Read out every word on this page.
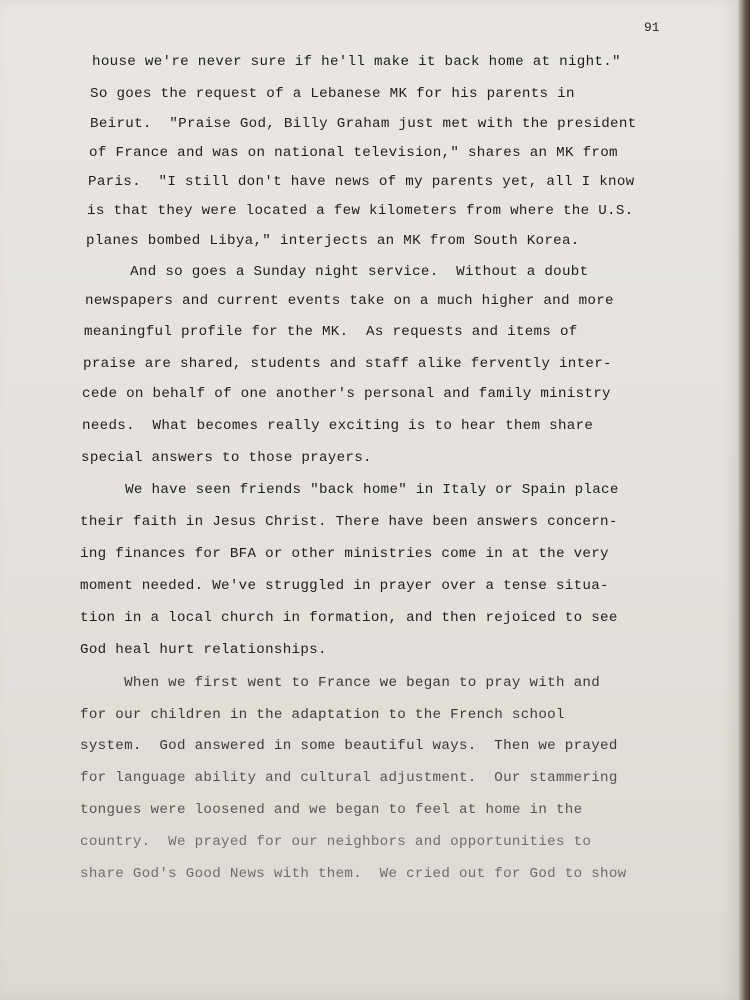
91
house we're never sure if he'll make it back home at night."
So goes the request of a Lebanese MK for his parents in
Beirut.  "Praise God, Billy Graham just met with the president
of France and was on national television," shares an MK from
Paris.  "I still don't have news of my parents yet, all I know
is that they were located a few kilometers from where the U.S.
planes bombed Libya," interjects an MK from South Korea.
And so goes a Sunday night service.  Without a doubt
newspapers and current events take on a much higher and more
meaningful profile for the MK.  As requests and items of
praise are shared, students and staff alike fervently inter-
cede on behalf of one another's personal and family ministry
needs.  What becomes really exciting is to hear them share
special answers to those prayers.
We have seen friends "back home" in Italy or Spain place
their faith in Jesus Christ. There have been answers concern-
ing finances for BFA or other ministries come in at the very
moment needed. We've struggled in prayer over a tense situa-
tion in a local church in formation, and then rejoiced to see
God heal hurt relationships.
When we first went to France we began to pray with and
for our children in the adaptation to the French school
system.  God answered in some beautiful ways.  Then we prayed
for language ability and cultural adjustment.  Our stammering
tongues were loosened and we began to feel at home in the
country.  We prayed for our neighbors and opportunities to
share God's Good News with them.  We cried out for God to show
